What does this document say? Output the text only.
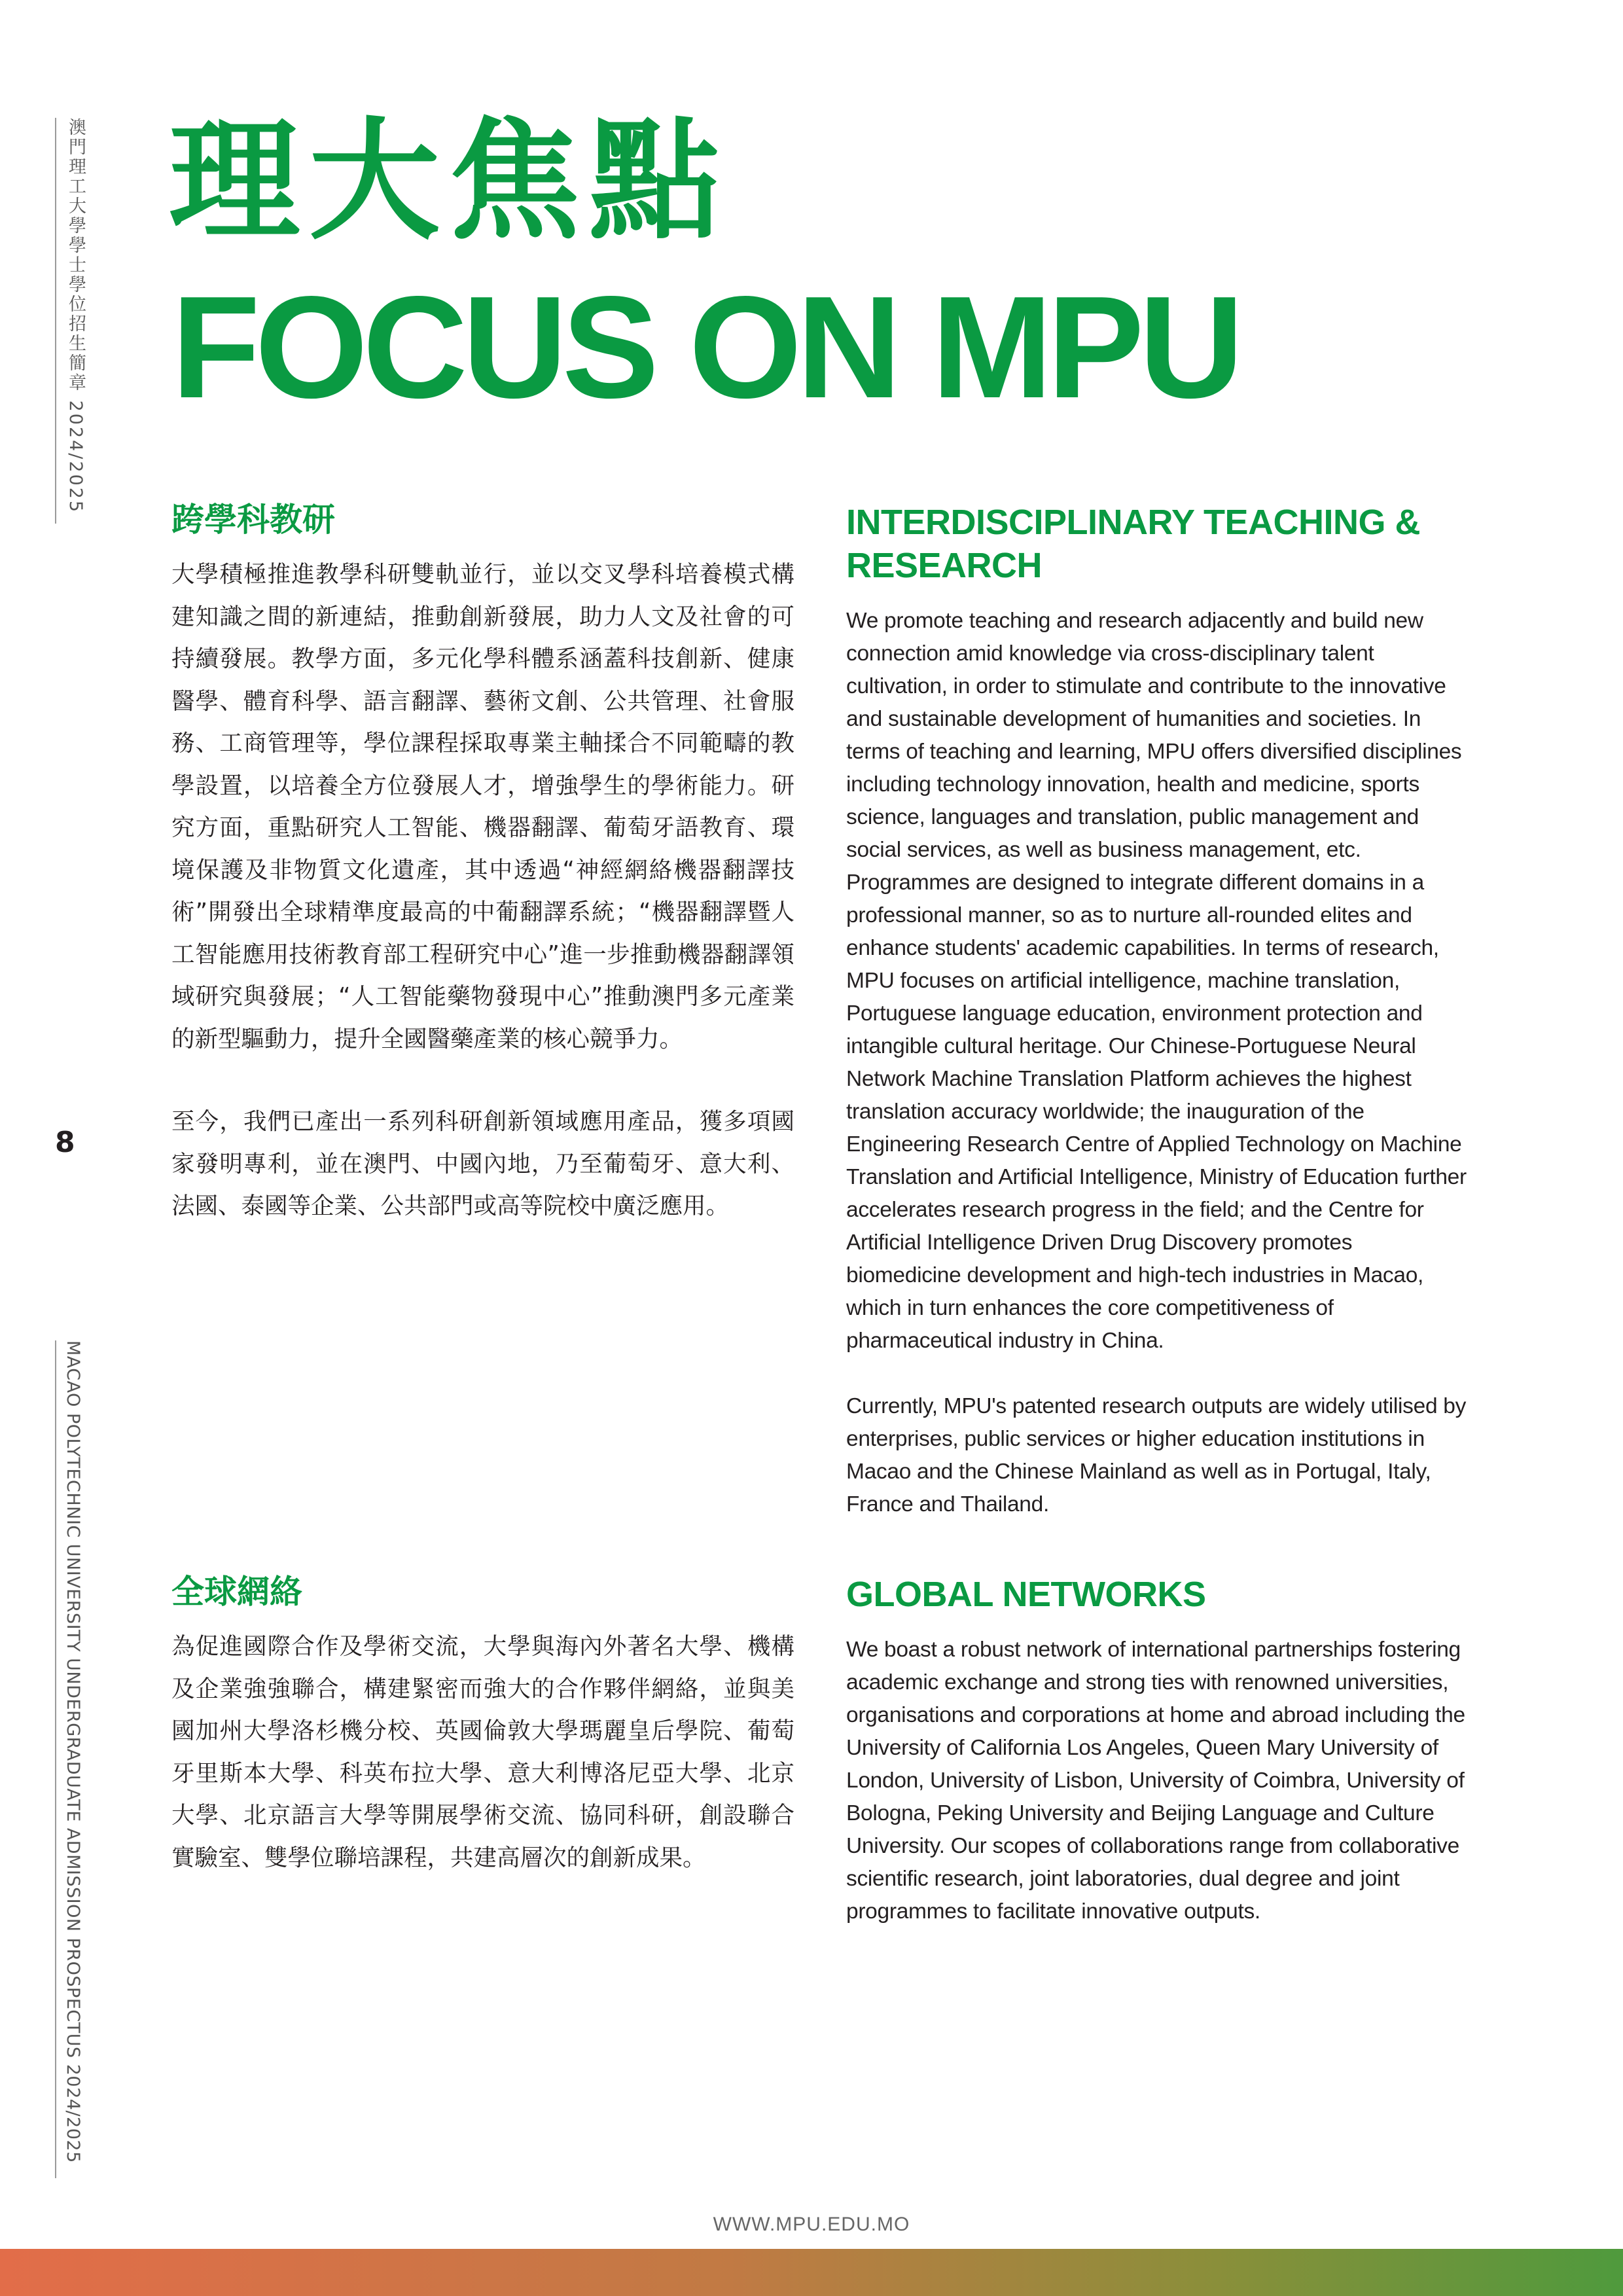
澳門理工大學學士學位招生簡章 2024/2025
8
MACAO POLYTECHNIC UNIVERSITY UNDERGRADUATE ADMISSION PROSPECTUS 2024/2025
理大焦點
FOCUS ON MPU
跨學科教研

大學積極推進教學科研雙軌並行，並以交叉學科培養模式構建知識之間的新連結，推動創新發展，助力人文及社會的可持續發展。教學方面，多元化學科體系涵蓋科技創新、健康醫學、體育科學、語言翻譯、藝術文創、公共管理、社會服務、工商管理等，學位課程採取專業主軸揉合不同範疇的教學設置，以培養全方位發展人才，增強學生的學術能力。研究方面，重點研究人工智能、機器翻譯、葡萄牙語教育、環境保護及非物質文化遺產，其中透過“神經網絡機器翻譯技術”開發出全球精準度最高的中葡翻譯系統；“機器翻譯暨人工智能應用技術教育部工程研究中心”進一步推動機器翻譯領域研究與發展；“人工智能藥物發現中心”推動澳門多元產業的新型驅動力，提升全國醫藥產業的核心競爭力。

至今，我們已產出一系列科研創新領域應用產品，獲多項國家發明專利，並在澳門、中國內地，乃至葡萄牙、意大利、法國、泰國等企業、公共部門或高等院校中廣泛應用。

INTERDISCIPLINARY TEACHING & RESEARCH

We promote teaching and research adjacently and build new connection amid knowledge via cross-disciplinary talent cultivation, in order to stimulate and contribute to the innovative and sustainable development of humanities and societies. In terms of teaching and learning, MPU offers diversified disciplines including technology innovation, health and medicine, sports science, languages and translation, public management and social services, as well as business management, etc. Programmes are designed to integrate different domains in a professional manner, so as to nurture all-rounded elites and enhance students' academic capabilities. In terms of research, MPU focuses on artificial intelligence, machine translation, Portuguese language education, environment protection and intangible cultural heritage. Our Chinese-Portuguese Neural Network Machine Translation Platform achieves the highest translation accuracy worldwide; the inauguration of the Engineering Research Centre of Applied Technology on Machine Translation and Artificial Intelligence, Ministry of Education further accelerates research progress in the field; and the Centre for Artificial Intelligence Driven Drug Discovery promotes biomedicine development and high-tech industries in Macao, which in turn enhances the core competitiveness of pharmaceutical industry in China.

Currently, MPU's patented research outputs are widely utilised by enterprises, public services or higher education institutions in Macao and the Chinese Mainland as well as in Portugal, Italy, France and Thailand.

全球網絡

為促進國際合作及學術交流，大學與海內外著名大學、機構及企業強強聯合，構建緊密而強大的合作夥伴網絡，並與美國加州大學洛杉機分校、英國倫敦大學瑪麗皇后學院、葡萄牙里斯本大學、科英布拉大學、意大利博洛尼亞大學、北京大學、北京語言大學等開展學術交流、協同科研，創設聯合實驗室、雙學位聯培課程，共建高層次的創新成果。

GLOBAL NETWORKS

We boast a robust network of international partnerships fostering academic exchange and strong ties with renowned universities, organisations and corporations at home and abroad including the University of California Los Angeles, Queen Mary University of London, University of Lisbon, University of Coimbra, University of Bologna, Peking University and Beijing Language and Culture University. Our scopes of collaborations range from collaborative scientific research, joint laboratories, dual degree and joint programmes to facilitate innovative outputs.

WWW.MPU.EDU.MO
